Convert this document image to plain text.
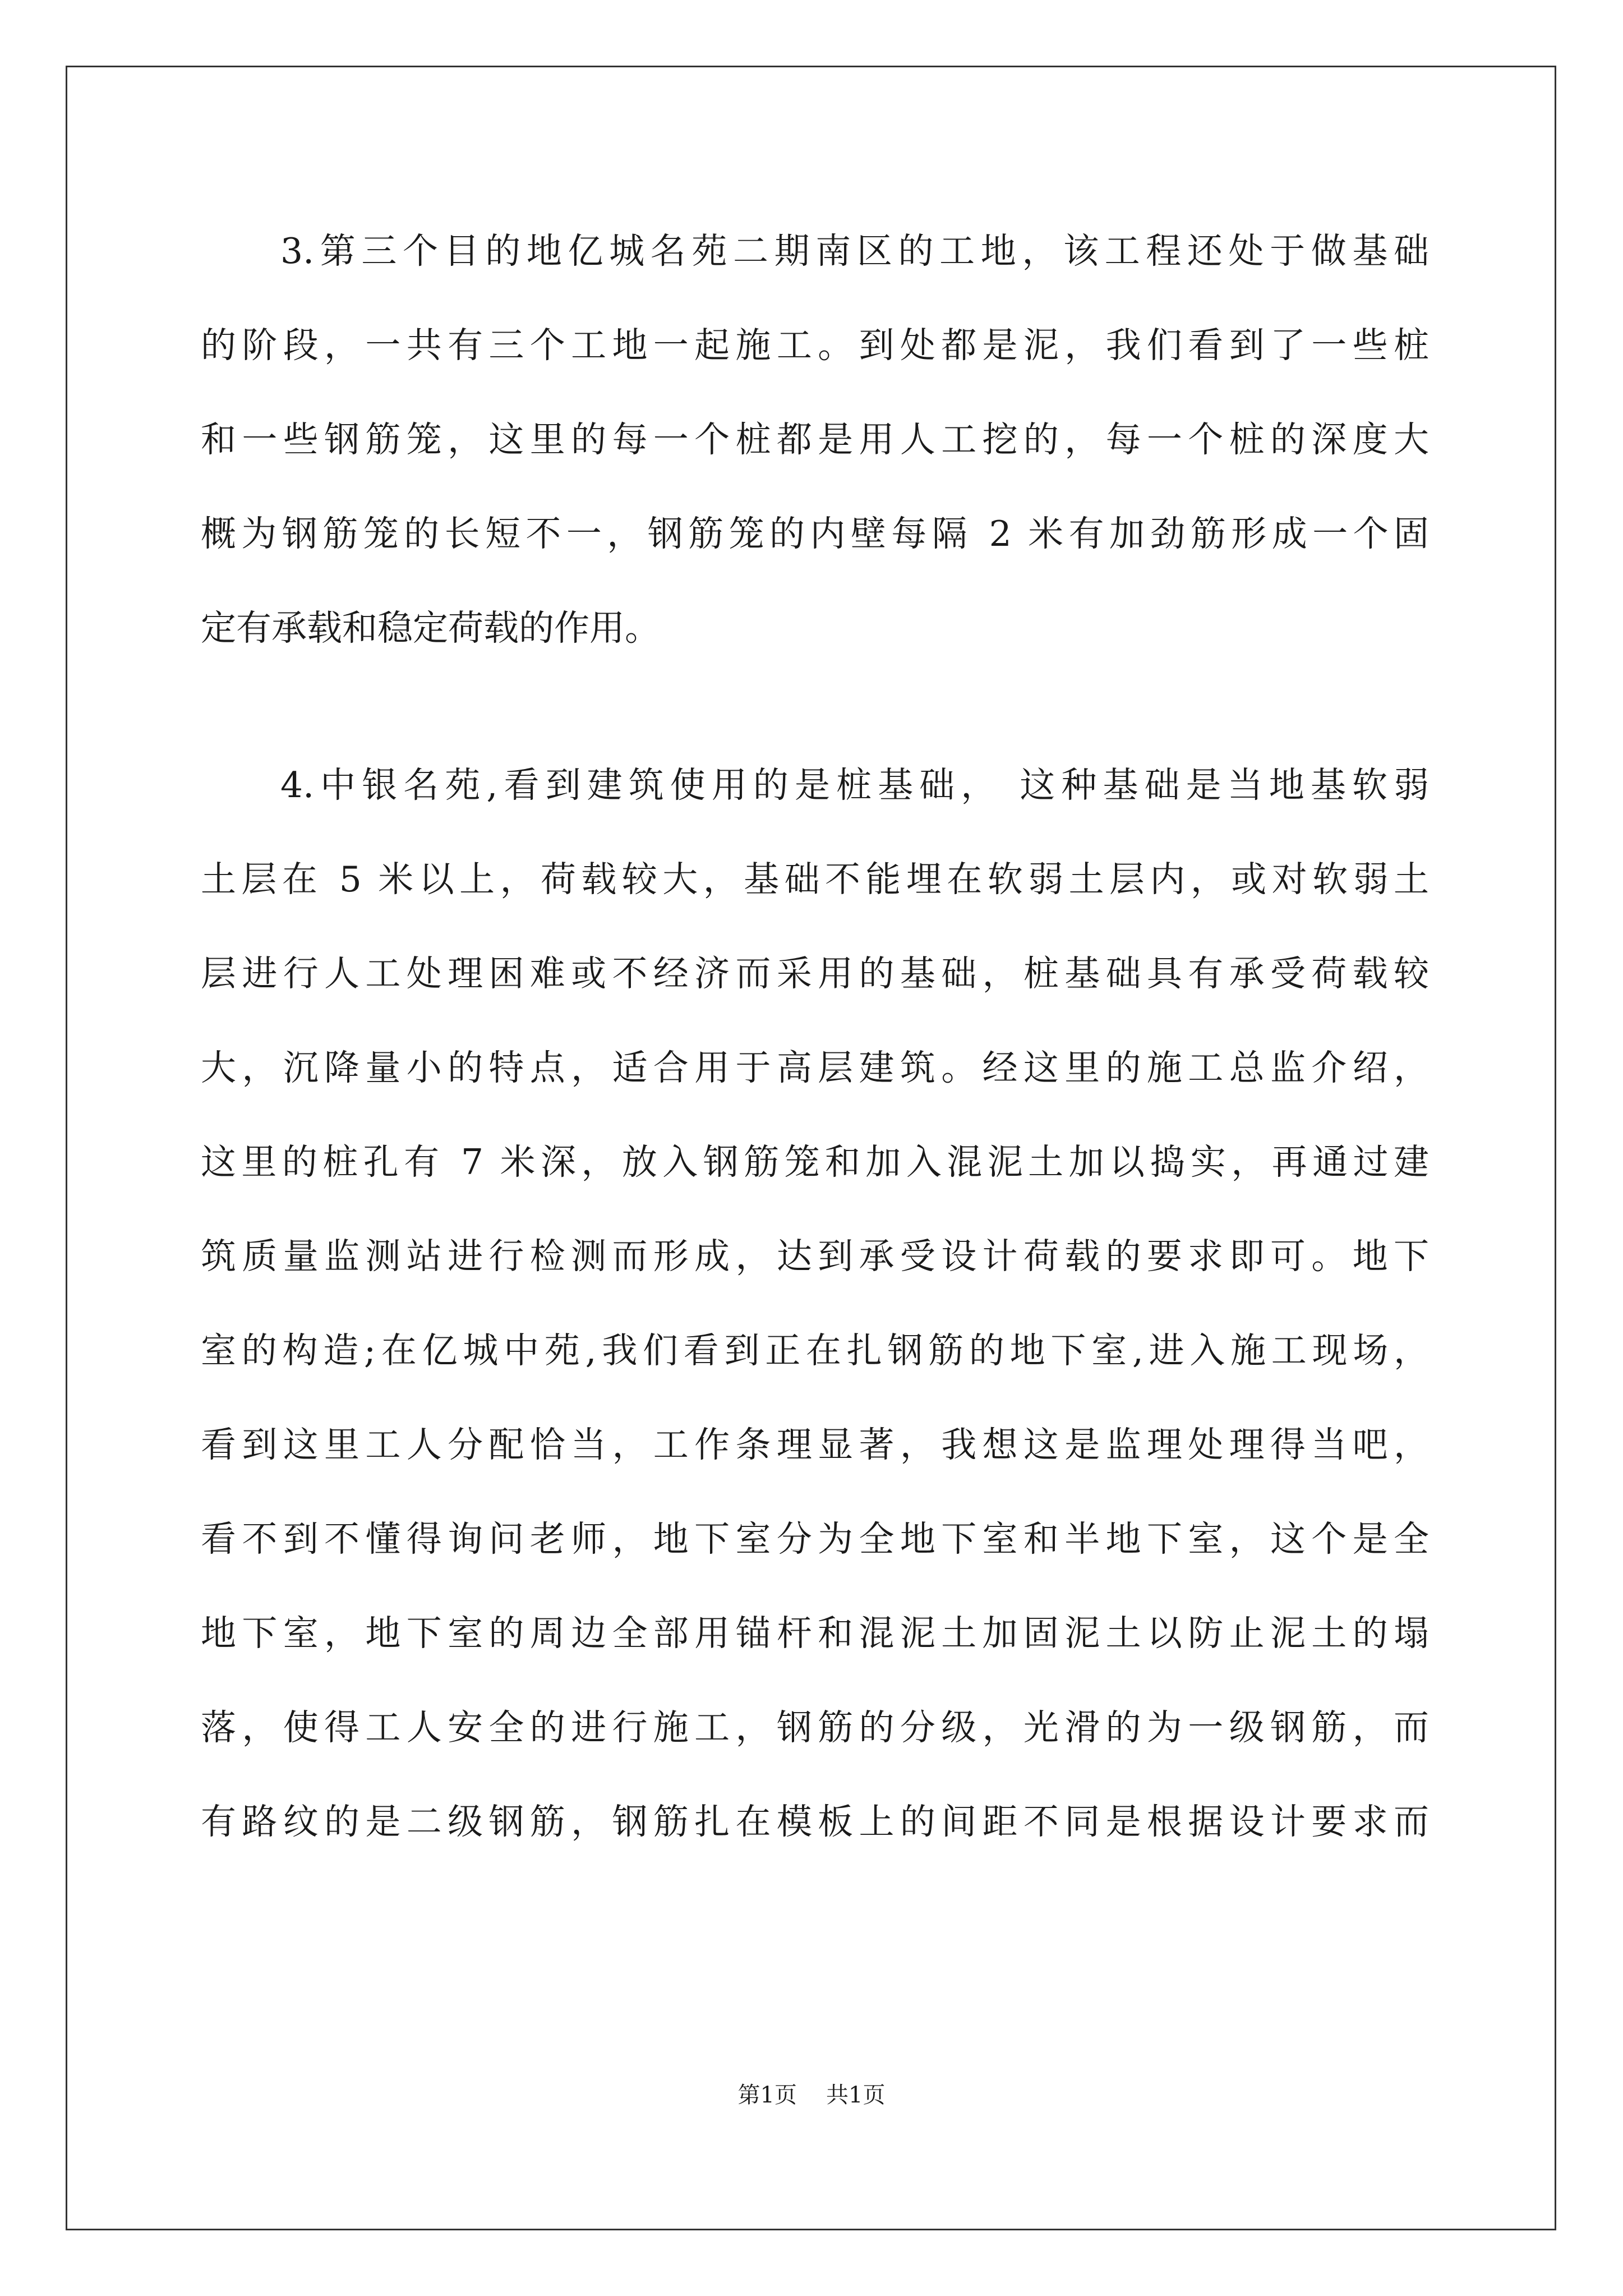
3.第三个目的地亿城名苑二期南区的工地，该工程还处于做基础
的阶段，一共有三个工地一起施工。到处都是泥，我们看到了一些桩
和一些钢筋笼，这里的每一个桩都是用人工挖的，每一个桩的深度大
概为钢筋笼的长短不一，钢筋笼的内壁每隔 2 米有加劲筋形成一个固
定有承载和稳定荷载的作用。
4.中银名苑,看到建筑使用的是桩基础， 这种基础是当地基软弱
土层在 5 米以上，荷载较大，基础不能埋在软弱土层内，或对软弱土
层进行人工处理困难或不经济而采用的基础，桩基础具有承受荷载较
大，沉降量小的特点，适合用于高层建筑。经这里的施工总监介绍，
这里的桩孔有 7 米深，放入钢筋笼和加入混泥土加以捣实，再通过建
筑质量监测站进行检测而形成，达到承受设计荷载的要求即可。地下
室的构造;在亿城中苑,我们看到正在扎钢筋的地下室,进入施工现场，
看到这里工人分配恰当，工作条理显著，我想这是监理处理得当吧，
看不到不懂得询问老师，地下室分为全地下室和半地下室，这个是全
地下室，地下室的周边全部用锚杆和混泥土加固泥土以防止泥土的塌
落，使得工人安全的进行施工，钢筋的分级，光滑的为一级钢筋，而
有路纹的是二级钢筋，钢筋扎在模板上的间距不同是根据设计要求而
第1页 共1页
